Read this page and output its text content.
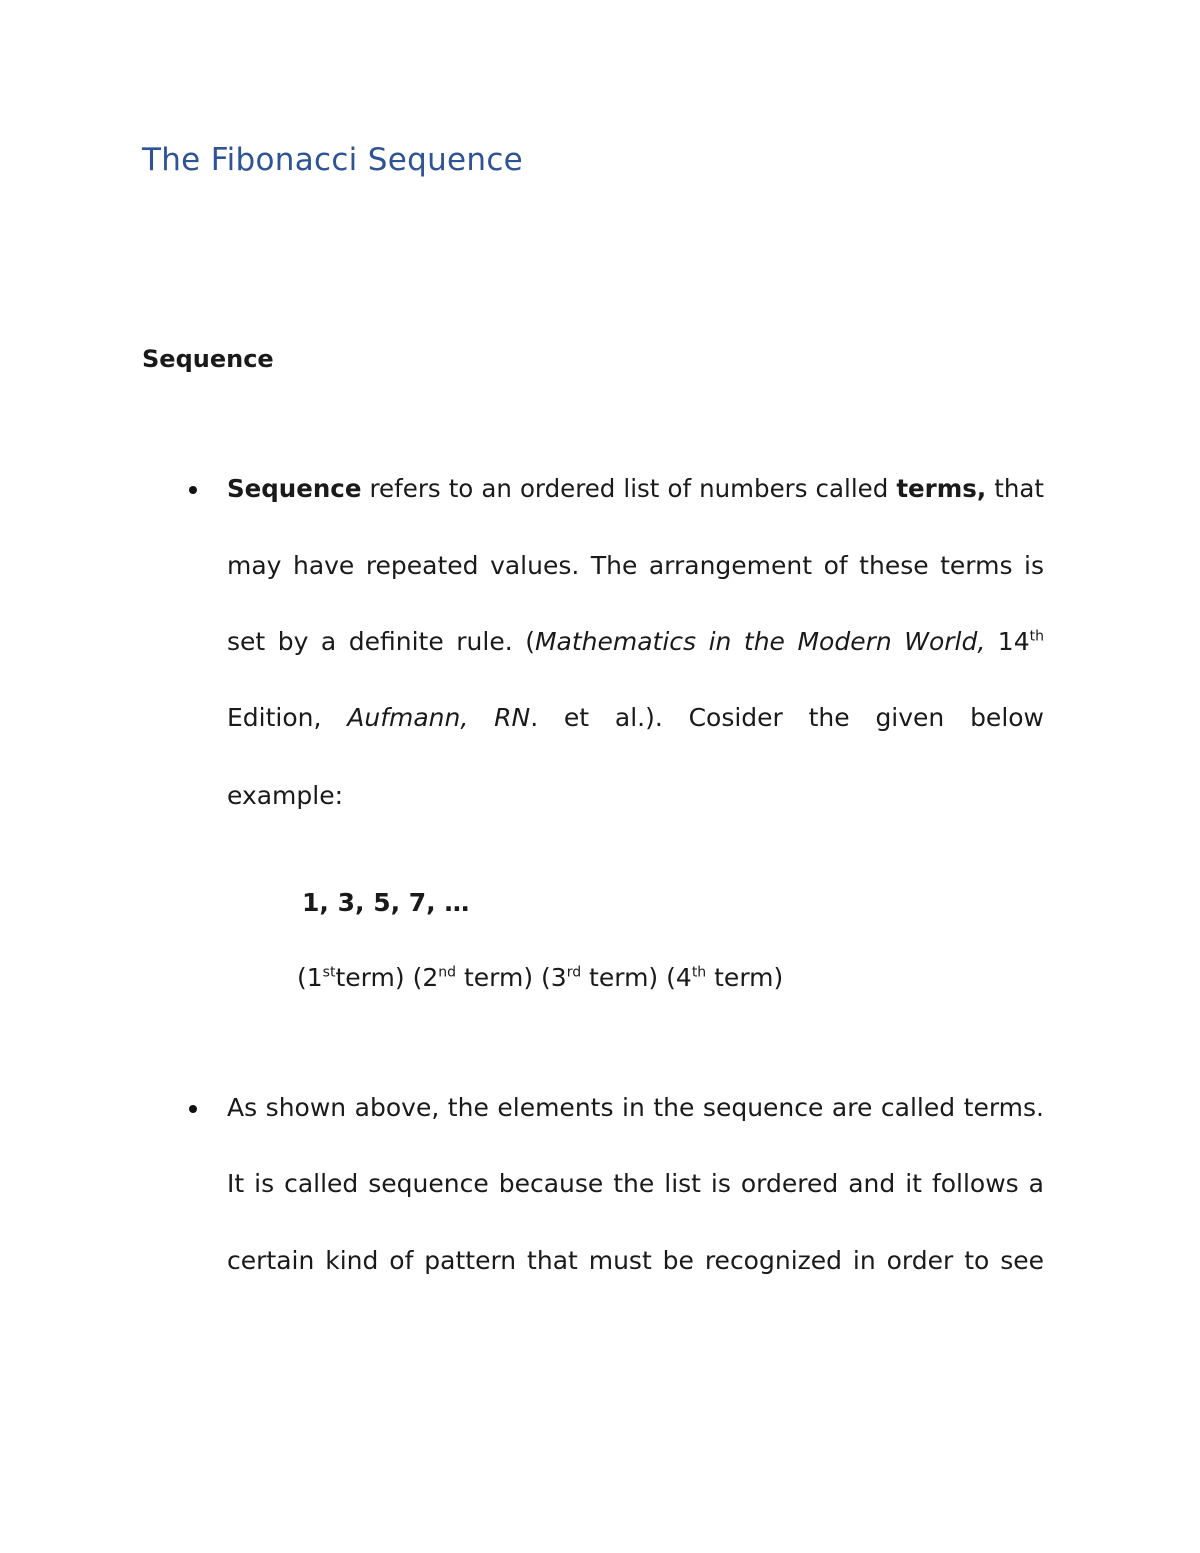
The Fibonacci Sequence
Sequence
Sequence refers to an ordered list of numbers called terms, that
may have repeated values. The arrangement of these terms is
set by a definite rule. (Mathematics in the Modern World, 14th
Edition, Aufmann, RN. et al.). Cosider the given below
example:
1, 3, 5, 7, …
(1stterm) (2nd term) (3rd term) (4th term)
As shown above, the elements in the sequence are called terms.
It is called sequence because the list is ordered and it follows a
certain kind of pattern that must be recognized in order to see
